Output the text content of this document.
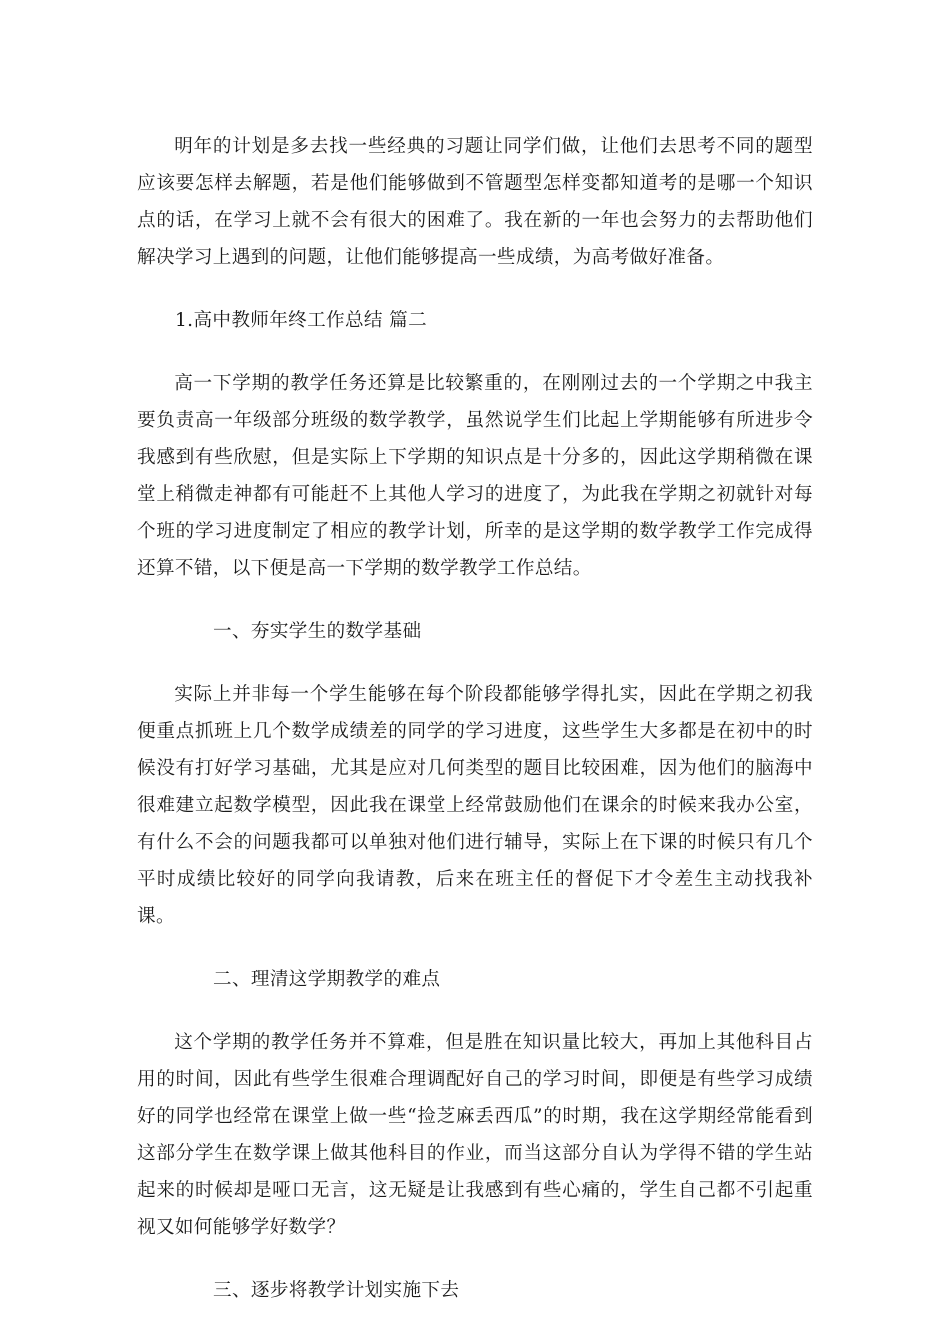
明年的计划是多去找一些经典的习题让同学们做，让他们去思考不同的题型应该要怎样去解题，若是他们能够做到不管题型怎样变都知道考的是哪一个知识点的话，在学习上就不会有很大的困难了。我在新的一年也会努力的去帮助他们解决学习上遇到的问题，让他们能够提高一些成绩，为高考做好准备。

1.高中教师年终工作总结 篇二

高一下学期的教学任务还算是比较繁重的，在刚刚过去的一个学期之中我主要负责高一年级部分班级的数学教学，虽然说学生们比起上学期能够有所进步令我感到有些欣慰，但是实际上下学期的知识点是十分多的，因此这学期稍微在课堂上稍微走神都有可能赶不上其他人学习的进度了，为此我在学期之初就针对每个班的学习进度制定了相应的教学计划，所幸的是这学期的数学教学工作完成得还算不错，以下便是高一下学期的数学教学工作总结。

一、夯实学生的数学基础

实际上并非每一个学生能够在每个阶段都能够学得扎实，因此在学期之初我便重点抓班上几个数学成绩差的同学的学习进度，这些学生大多都是在初中的时候没有打好学习基础，尤其是应对几何类型的题目比较困难，因为他们的脑海中很难建立起数学模型，因此我在课堂上经常鼓励他们在课余的时候来我办公室，有什么不会的问题我都可以单独对他们进行辅导，实际上在下课的时候只有几个平时成绩比较好的同学向我请教，后来在班主任的督促下才令差生主动找我补课。

二、理清这学期教学的难点

这个学期的教学任务并不算难，但是胜在知识量比较大，再加上其他科目占用的时间，因此有些学生很难合理调配好自己的学习时间，即便是有些学习成绩好的同学也经常在课堂上做一些“捡芝麻丢西瓜”的时期，我在这学期经常能看到这部分学生在数学课上做其他科目的作业，而当这部分自认为学得不错的学生站起来的时候却是哑口无言，这无疑是让我感到有些心痛的，学生自己都不引起重视又如何能够学好数学？

三、逐步将教学计划实施下去
